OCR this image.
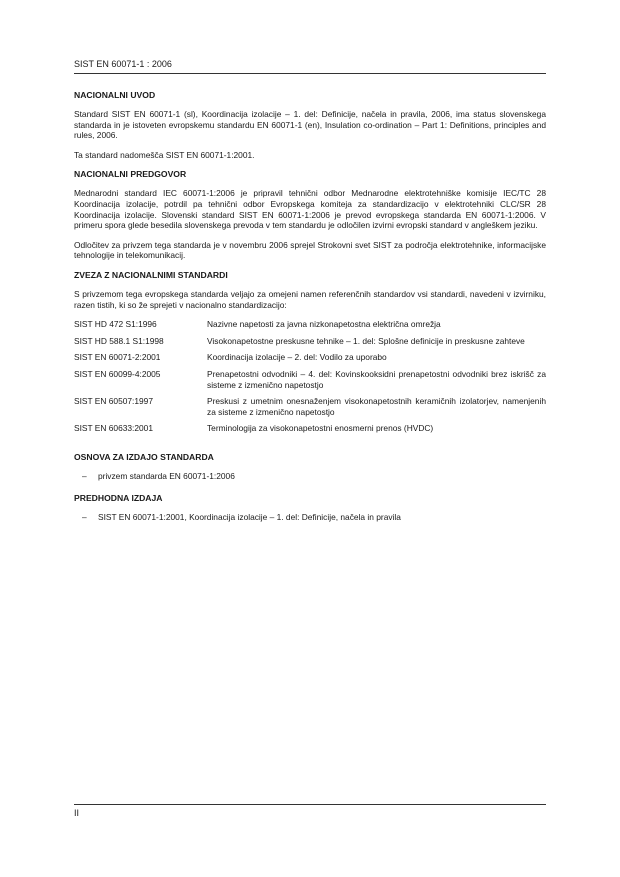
SIST EN 60071-1 : 2006
NACIONALNI UVOD

Standard SIST EN 60071-1 (sl), Koordinacija izolacije – 1. del: Definicije, načela in pravila, 2006, ima status slovenskega standarda in je istoveten evropskemu standardu EN 60071-1 (en), Insulation co-ordination – Part 1: Definitions, principles and rules, 2006.

Ta standard nadomešča SIST EN 60071-1:2001.

NACIONALNI PREDGOVOR

Mednarodni standard IEC 60071-1:2006 je pripravil tehnični odbor Mednarodne elektrotehniške komisije IEC/TC 28 Koordinacija izolacije, potrdil pa tehnični odbor Evropskega komiteja za standardizacijo v elektrotehniki CLC/SR 28 Koordinacija izolacije. Slovenski standard SIST EN 60071-1:2006 je prevod evropskega standarda EN 60071-1:2006. V primeru spora glede besedila slovenskega prevoda v tem standardu je odločilen izvirni evropski standard v angleškem jeziku.

Odločitev za privzem tega standarda je v novembru 2006 sprejel Strokovni svet SIST za področja elektrotehnike, informacijske tehnologije in telekomunikacij.

ZVEZA Z NACIONALNIMI STANDARDI

S privzemom tega evropskega standarda veljajo za omejeni namen referenčnih standardov vsi standardi, navedeni v izvirniku, razen tistih, ki so že sprejeti v nacionalno standardizacijo:

SIST HD 472 S1:1996	Nazivne napetosti za javna nizkonapetostna električna omrežja
SIST HD 588.1 S1:1998	Visokonapetostne preskusne tehnike – 1. del: Splošne definicije in preskusne zahteve
SIST EN 60071-2:2001	Koordinacija izolacije – 2. del: Vodilo za uporabo
SIST EN 60099-4:2005	Prenapetostni odvodniki – 4. del: Kovinskooksidni prenapetostni odvodniki brez iskrišč za sisteme z izmenično napetostjo
SIST EN 60507:1997	Preskusi z umetnim onesnaženjem visokonapetostnih keramičnih izolatorjev, namenjenih za sisteme z izmenično napetostjo
SIST EN 60633:2001	Terminologija za visokonapetostni enosmerni prenos (HVDC)
OSNOVA ZA IZDAJO STANDARDA
– privzem standarda EN 60071-1:2006
PREDHODNA IZDAJA
– SIST EN 60071-1:2001, Koordinacija izolacije – 1. del: Definicije, načela in pravila
II
